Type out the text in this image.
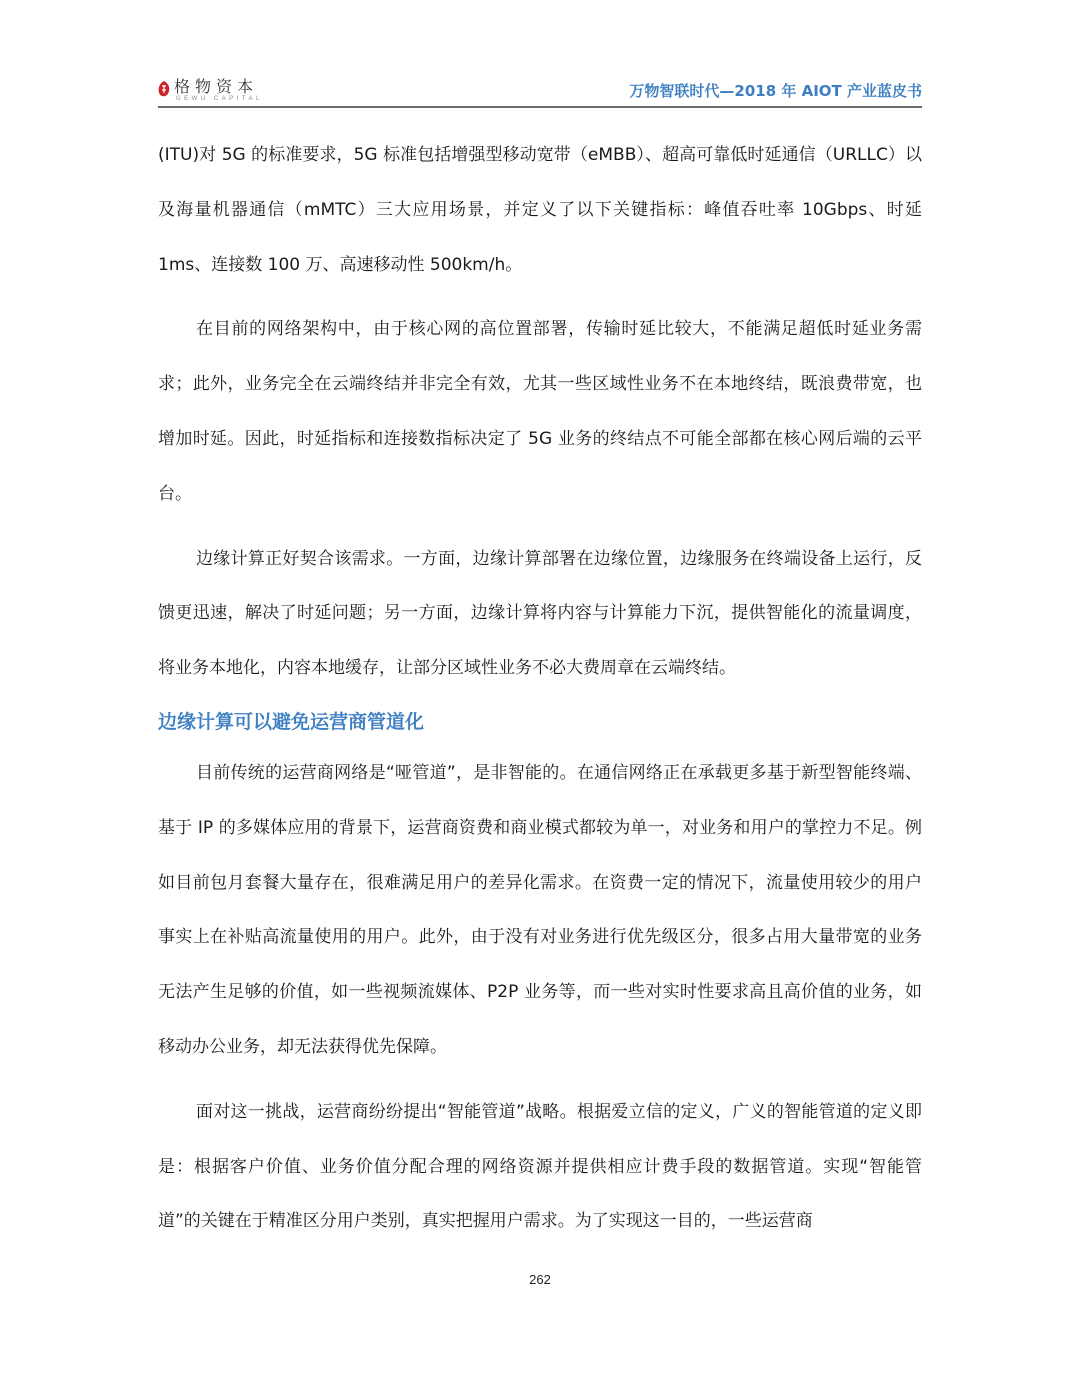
格物资本
GEWU CAPITAL	万物智联时代—2018 年 AIOT 产业蓝皮书

(ITU)对 5G 的标准要求，5G 标准包括增强型移动宽带（eMBB）、超高可靠低时延通信（URLLC）以及海量机器通信（mMTC）三大应用场景，并定义了以下关键指标：峰值吞吐率 10Gbps、时延 1ms、连接数 100 万、高速移动性 500km/h。

在目前的网络架构中，由于核心网的高位置部署，传输时延比较大，不能满足超低时延业务需求；此外，业务完全在云端终结并非完全有效，尤其一些区域性业务不在本地终结，既浪费带宽，也增加时延。因此，时延指标和连接数指标决定了 5G 业务的终结点不可能全部都在核心网后端的云平台。

边缘计算正好契合该需求。一方面，边缘计算部署在边缘位置，边缘服务在终端设备上运行，反馈更迅速，解决了时延问题；另一方面，边缘计算将内容与计算能力下沉，提供智能化的流量调度，将业务本地化，内容本地缓存，让部分区域性业务不必大费周章在云端终结。

边缘计算可以避免运营商管道化

目前传统的运营商网络是“哑管道”，是非智能的。在通信网络正在承载更多基于新型智能终端、基于 IP 的多媒体应用的背景下，运营商资费和商业模式都较为单一，对业务和用户的掌控力不足。例如目前包月套餐大量存在，很难满足用户的差异化需求。在资费一定的情况下，流量使用较少的用户事实上在补贴高流量使用的用户。此外，由于没有对业务进行优先级区分，很多占用大量带宽的业务无法产生足够的价值，如一些视频流媒体、P2P 业务等，而一些对实时性要求高且高价值的业务，如移动办公业务，却无法获得优先保障。

面对这一挑战，运营商纷纷提出“智能管道”战略。根据爱立信的定义，广义的智能管道的定义即是：根据客户价值、业务价值分配合理的网络资源并提供相应计费手段的数据管道。实现“智能管道”的关键在于精准区分用户类别，真实把握用户需求。为了实现这一目的，一些运营商

262
